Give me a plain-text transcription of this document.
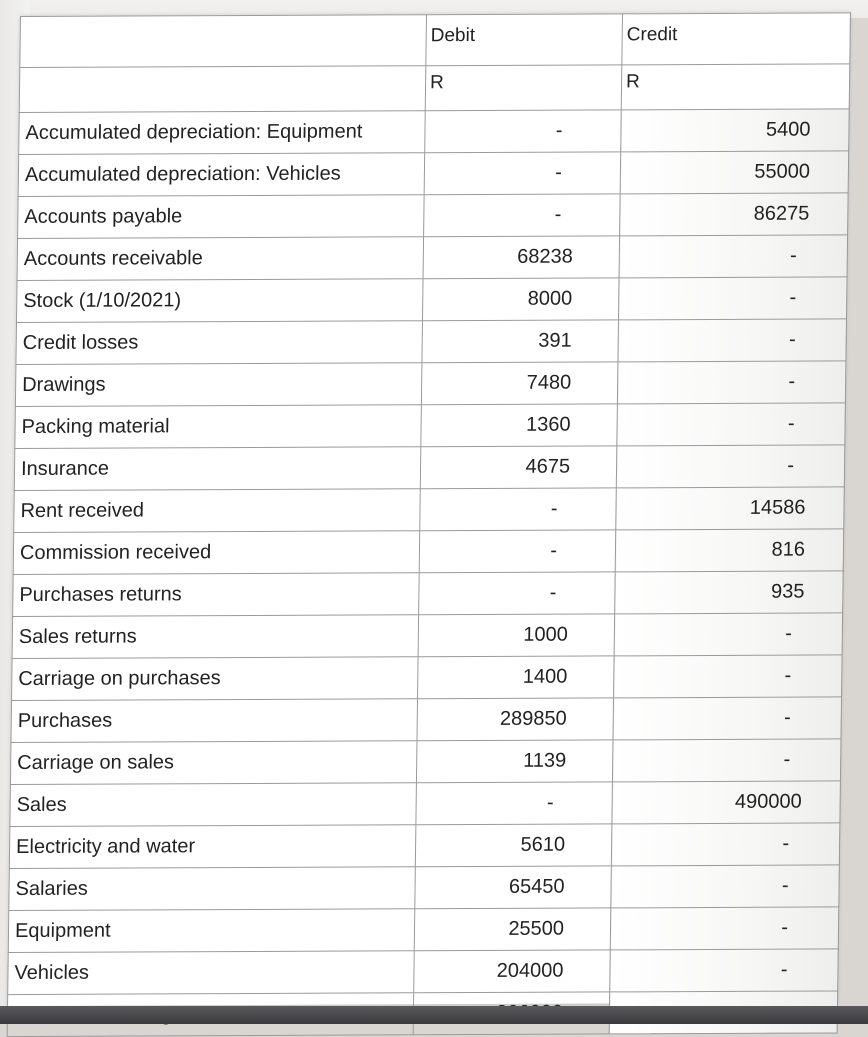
	Debit	Credit
	R	R
Accumulated depreciation: Equipment	-	5400
Accumulated depreciation: Vehicles	-	55000
Accounts payable	-	86275
Accounts receivable	68238	-
Stock (1/10/2021)	8000	-
Credit losses	391	-
Drawings	7480	-
Packing material	1360	-
Insurance	4675	-
Rent received	-	14586
Commission received	-	816
Purchases returns	-	935
Sales returns	1000	-
Carriage on purchases	1400	-
Purchases	289850	-
Carriage on sales	1139	-
Sales	-	490000
Electricity and water	5610	-
Salaries	65450	-
Equipment	25500	-
Vehicles	204000	-
